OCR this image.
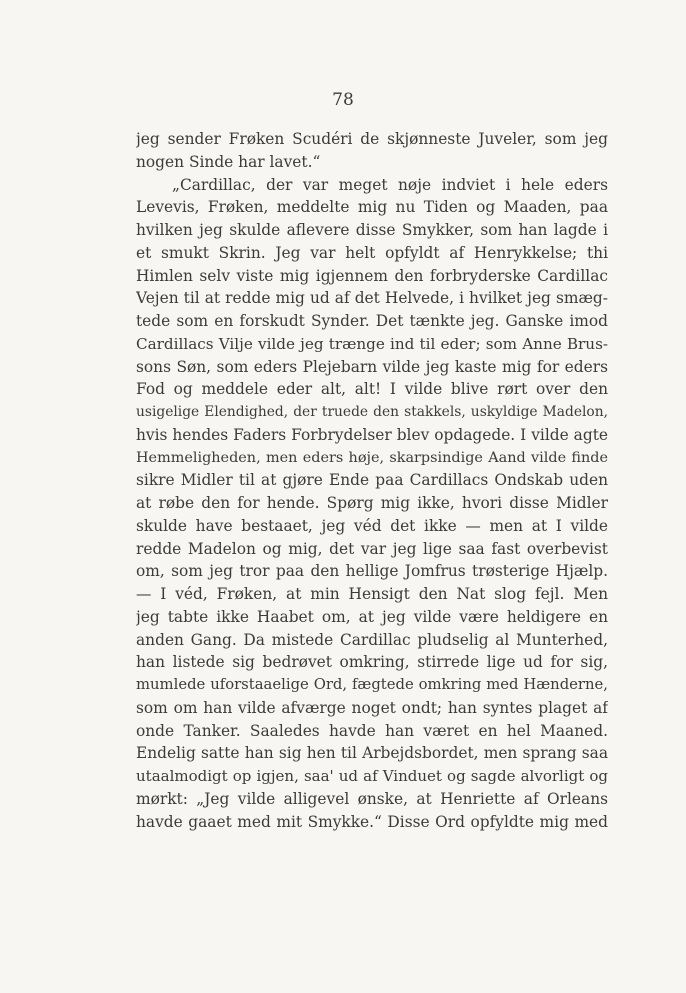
78
jeg sender Frøken Scudéri de skjønneste Juveler, som jeg
nogen Sinde har lavet.“
„Cardillac, der var meget nøje indviet i hele eders
Levevis, Frøken, meddelte mig nu Tiden og Maaden, paa
hvilken jeg skulde aflevere disse Smykker, som han lagde i
et smukt Skrin. Jeg var helt opfyldt af Henrykkelse; thi
Himlen selv viste mig igjennem den forbryderske Cardillac
Vejen til at redde mig ud af det Helvede, i hvilket jeg smæg-
tede som en forskudt Synder. Det tænkte jeg. Ganske imod
Cardillacs Vilje vilde jeg trænge ind til eder; som Anne Brus-
sons Søn, som eders Plejebarn vilde jeg kaste mig for eders
Fod og meddele eder alt, alt! I vilde blive rørt over den
usigelige Elendighed, der truede den stakkels, uskyldige Madelon,
hvis hendes Faders Forbrydelser blev opdagede. I vilde agte
Hemmeligheden, men eders høje, skarpsindige Aand vilde finde
sikre Midler til at gjøre Ende paa Cardillacs Ondskab uden
at røbe den for hende. Spørg mig ikke, hvori disse Midler
skulde have bestaaet, jeg véd det ikke — men at I vilde
redde Madelon og mig, det var jeg lige saa fast overbevist
om, som jeg tror paa den hellige Jomfrus trøsterige Hjælp.
— I véd, Frøken, at min Hensigt den Nat slog fejl. Men
jeg tabte ikke Haabet om, at jeg vilde være heldigere en
anden Gang. Da mistede Cardillac pludselig al Munterhed,
han listede sig bedrøvet omkring, stirrede lige ud for sig,
mumlede uforstaaelige Ord, fægtede omkring med Hænderne,
som om han vilde afværge noget ondt; han syntes plaget af
onde Tanker. Saaledes havde han været en hel Maaned.
Endelig satte han sig hen til Arbejdsbordet, men sprang saa
utaalmodigt op igjen, saa' ud af Vinduet og sagde alvorligt og
mørkt: „Jeg vilde alligevel ønske, at Henriette af Orleans
havde gaaet med mit Smykke.“ Disse Ord opfyldte mig med
